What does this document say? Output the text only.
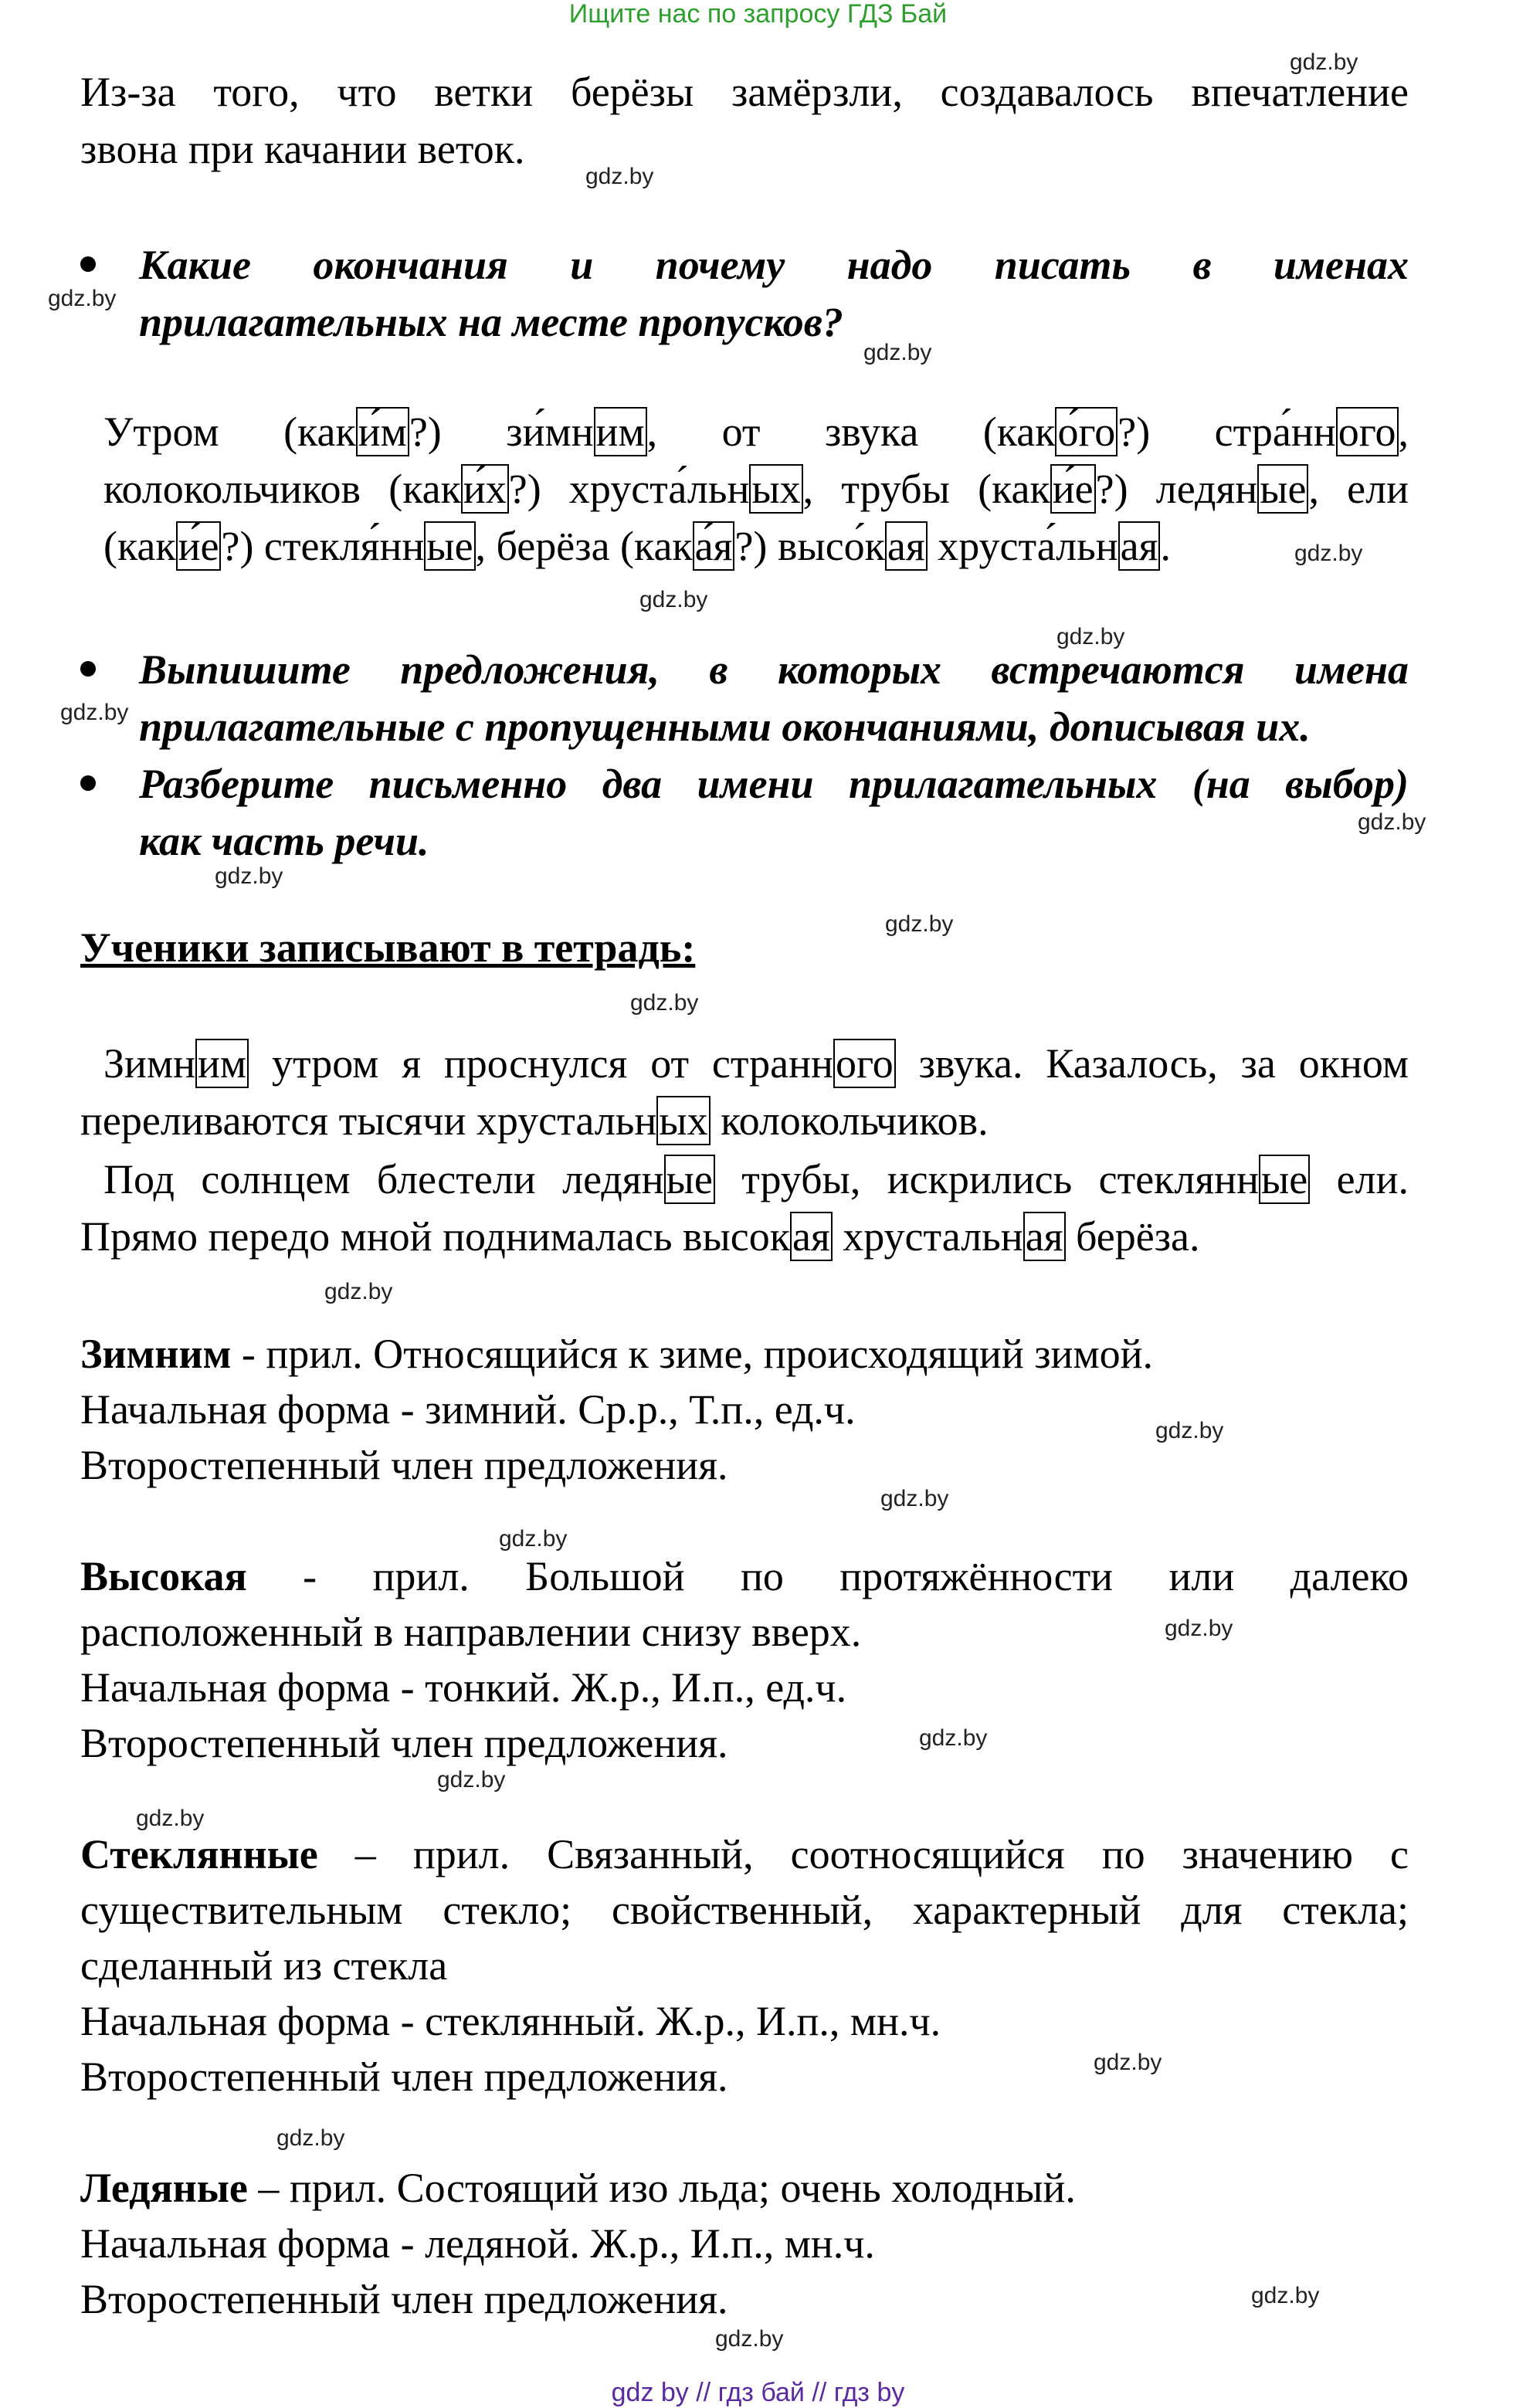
Ищите нас по запросу ГДЗ Бай
Из-за того, что ветки берёзы замёрзли, создавалось впечатление
звона при качании веток.
Какие окончания и почему надо писать в именах
прилагательных на месте пропусков?
Утром (каки́м?) зи́мним, от звука (како́го?) стра́нного,
колокольчиков (каки́х?) хруста́льных, трубы (каки́е?) ледяные, ели
(каки́е?) стекля́нные, берёза (кака́я?) высо́кая хруста́льная.
Выпишите предложения, в которых встречаются имена
прилагательные с пропущенными окончаниями, дописывая их.
Разберите письменно два имени прилагательных (на выбор)
как часть речи.
Ученики записывают в тетрадь:
Зимним утром я проснулся от странного звука. Казалось, за окном
переливаются тысячи хрустальных колокольчиков.
Под солнцем блестели ледяные трубы, искрились стеклянные ели.
Прямо передо мной поднималась высокая хрустальная берёза.
Зимним - прил. Относящийся к зиме, происходящий зимой.
Начальная форма - зимний. Ср.р., Т.п., ед.ч.
Второстепенный член предложения.
Высокая - прил. Большой по протяжённости или далеко
расположенный в направлении снизу вверх.
Начальная форма - тонкий. Ж.р., И.п., ед.ч.
Второстепенный член предложения.
Стеклянные – прил. Связанный, соотносящийся по значению с
существительным стекло; свойственный, характерный для стекла;
сделанный из стекла
Начальная форма - стеклянный. Ж.р., И.п., мн.ч.
Второстепенный член предложения.
Ледяные – прил. Состоящий изо льда; очень холодный.
Начальная форма - ледяной. Ж.р., И.п., мн.ч.
Второстепенный член предложения.
gdz.by
gdz.by
gdz.by
gdz.by
gdz.by
gdz.by
gdz.by
gdz.by
gdz.by
gdz.by
gdz.by
gdz.by
gdz.by
gdz.by
gdz.by
gdz.by
gdz.by
gdz.by
gdz.by
gdz.by
gdz.by
gdz.by
gdz.by
gdz.by
gdz by // гдз бай // гдз by
